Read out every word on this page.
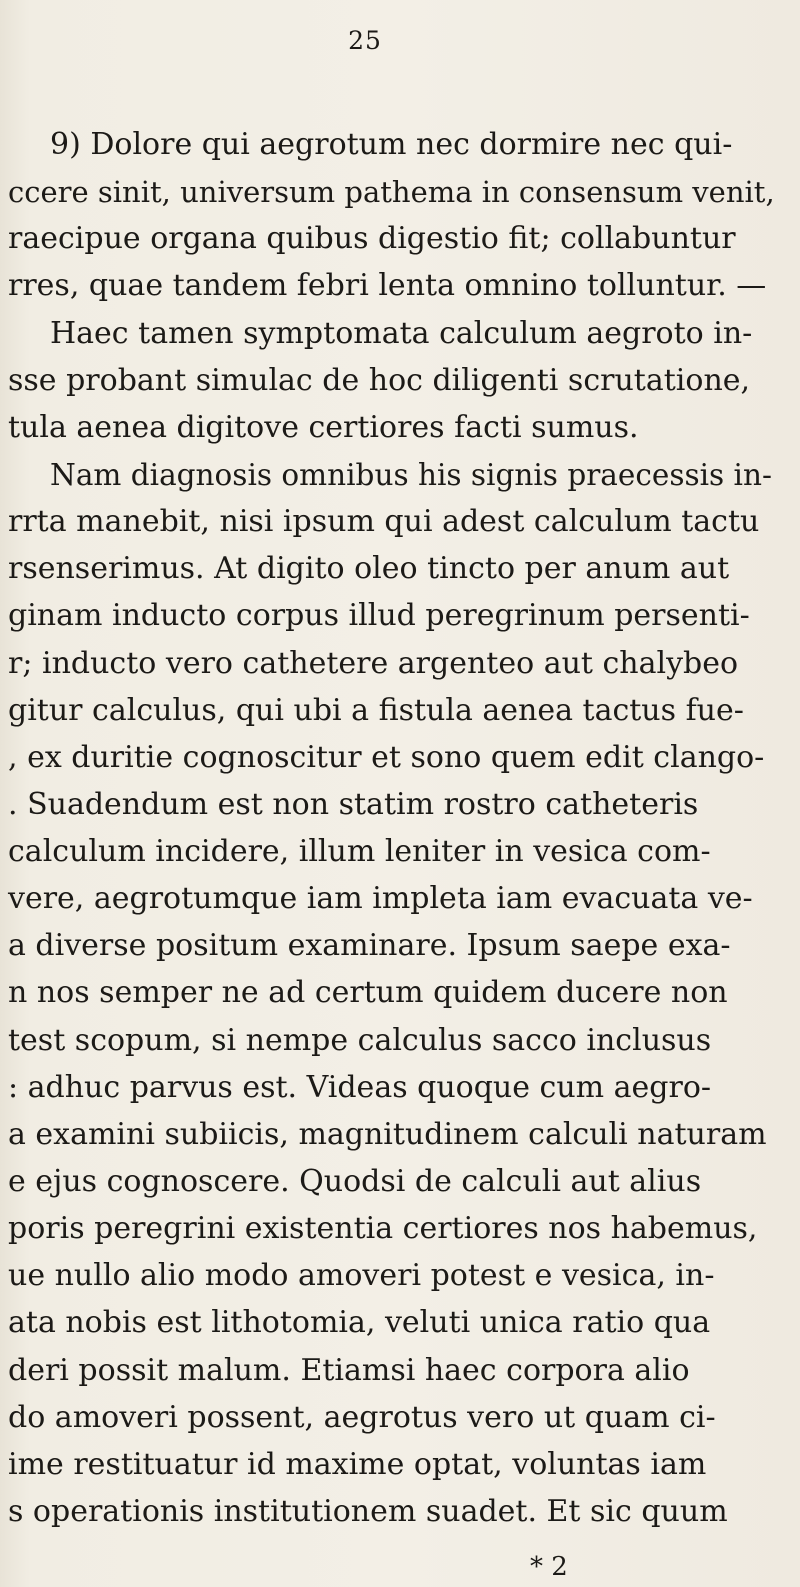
25
9) Dolore qui aegrotum nec dormire nec qui-
ccere sinit, universum pathema in consensum venit,
raecipue organa quibus digestio fit; collabuntur
rres, quae tandem febri lenta omnino tolluntur. —
Haec tamen symptomata calculum aegroto in-
sse probant simulac de hoc diligenti scrutatione,
tula aenea digitove certiores facti sumus.
Nam diagnosis omnibus his signis praecessis in-
rrta manebit, nisi ipsum qui adest calculum tactu
rsenserimus. At digito oleo tincto per anum aut
ginam inducto corpus illud peregrinum persenti-
r; inducto vero cathetere argenteo aut chalybeo
gitur calculus, qui ubi a fistula aenea tactus fue-
, ex duritie cognoscitur et sono quem edit clango-
. Suadendum est non statim rostro catheteris
calculum incidere, illum leniter in vesica com-
vere, aegrotumque iam impleta iam evacuata ve-
a diverse positum examinare. Ipsum saepe exa-
n nos semper ne ad certum quidem ducere non
test scopum, si nempe calculus sacco inclusus
: adhuc parvus est. Videas quoque cum aegro-
a examini subiicis, magnitudinem calculi naturam
e ejus cognoscere. Quodsi de calculi aut alius
poris peregrini existentia certiores nos habemus,
ue nullo alio modo amoveri potest e vesica, in-
ata nobis est lithotomia, veluti unica ratio qua
deri possit malum. Etiamsi haec corpora alio
do amoveri possent, aegrotus vero ut quam ci-
ime restituatur id maxime optat, voluntas iam
s operationis institutionem suadet. Et sic quum
* 2
